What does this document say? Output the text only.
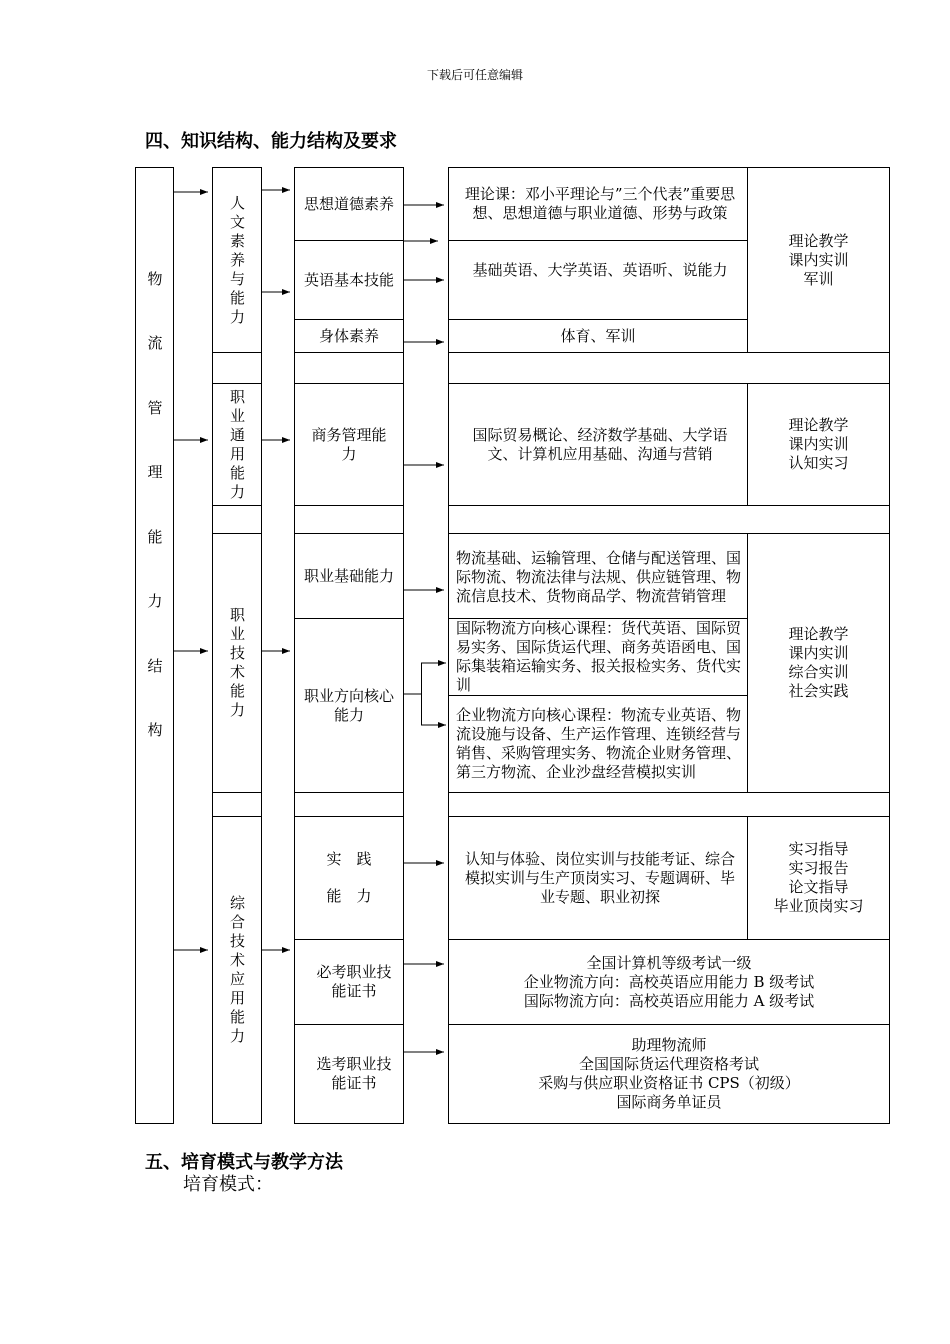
下载后可任意编辑
四、知识结构、能力结构及要求
物
流
管
理
能
力
结
构
人
文
素
养
与
能
力
职
业
通
用
能
力
职
业
技
术
能
力
综
合
技
术
应
用
能
力
思想道德素养
英语基本技能
身体素养
商务管理能力
职业基础能力
职业方向核心能力
实　践
能　力
必考职业技能证书
选考职业技能证书
理论课：邓小平理论与”三个代表”重要思想、思想道德与职业道德、形势与政策
基础英语、大学英语、英语听、说能力
体育、军训
国际贸易概论、经济数学基础、大学语文、计算机应用基础、沟通与营销
物流基础、运输管理、仓储与配送管理、国际物流、物流法律与法规、供应链管理、物流信息技术、货物商品学、物流营销管理
国际物流方向核心课程：货代英语、国际贸易实务、国际货运代理、商务英语函电、国际集装箱运输实务、报关报检实务、货代实训
企业物流方向核心课程：物流专业英语、物流设施与设备、生产运作管理、连锁经营与销售、采购管理实务、物流企业财务管理、第三方物流、企业沙盘经营模拟实训
认知与体验、岗位实训与技能考证、综合模拟实训与生产顶岗实习、专题调研、毕业专题、职业初探
全国计算机等级考试一级
企业物流方向：高校英语应用能力 B 级考试
国际物流方向：高校英语应用能力 A 级考试
助理物流师
全国国际货运代理资格考试
采购与供应职业资格证书 CPS（初级）
国际商务单证员
理论教学
课内实训
军训
理论教学
课内实训
认知实习
理论教学
课内实训
综合实训
社会实践
实习指导
实习报告
论文指导
毕业顶岗实习
五、培育模式与教学方法
培育模式：
